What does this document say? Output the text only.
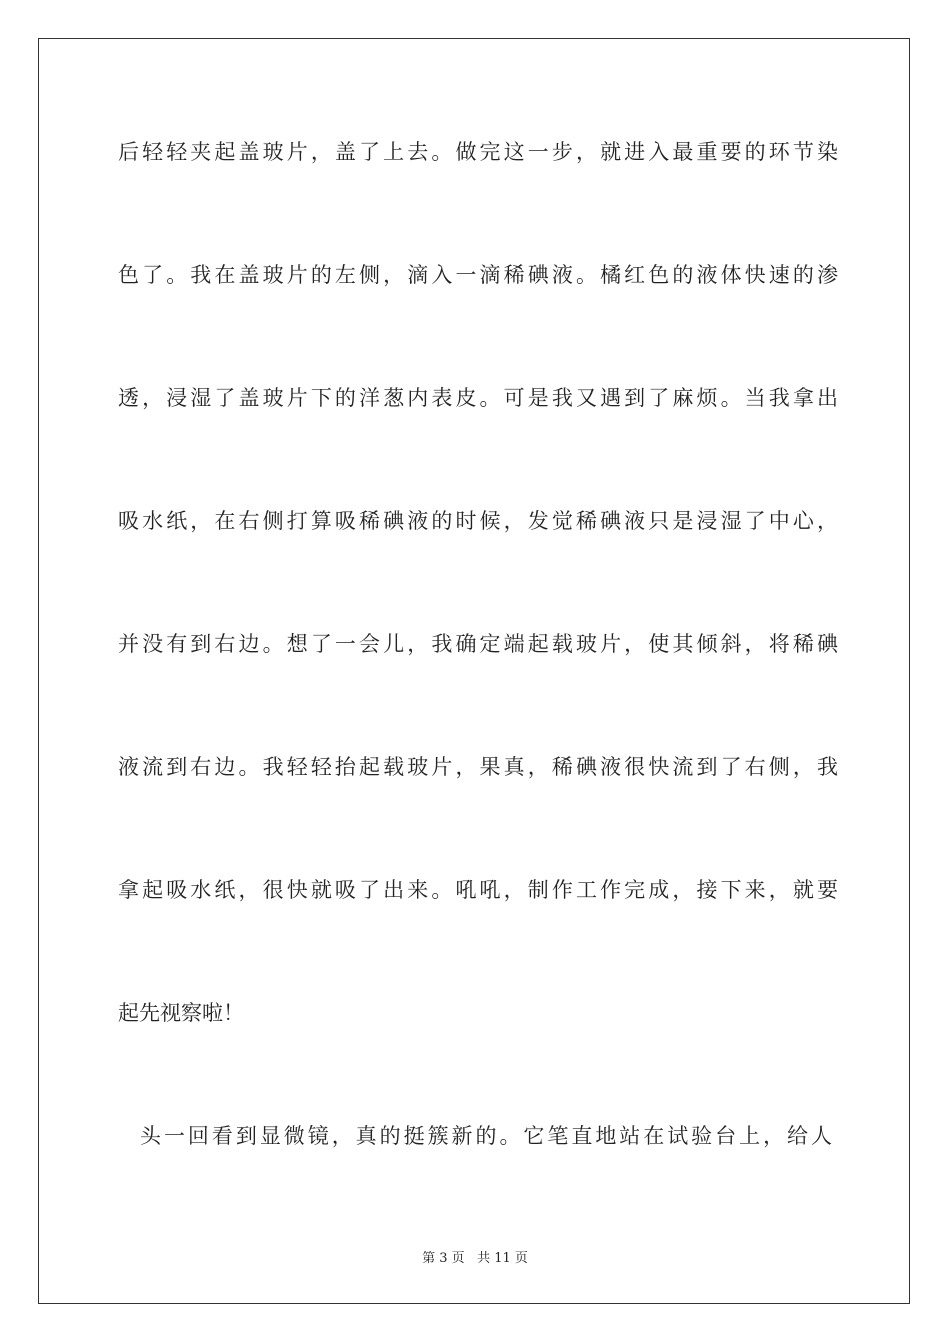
后轻轻夹起盖玻片，盖了上去。做完这一步，就进入最重要的环节染
色了。我在盖玻片的左侧，滴入一滴稀碘液。橘红色的液体快速的渗
透，浸湿了盖玻片下的洋葱内表皮。可是我又遇到了麻烦。当我拿出
吸水纸，在右侧打算吸稀碘液的时候，发觉稀碘液只是浸湿了中心，
并没有到右边。想了一会儿，我确定端起载玻片，使其倾斜，将稀碘
液流到右边。我轻轻抬起载玻片，果真，稀碘液很快流到了右侧，我
拿起吸水纸，很快就吸了出来。吼吼，制作工作完成，接下来，就要
起先视察啦！
头一回看到显微镜，真的挺簇新的。它笔直地站在试验台上，给人
第 3 页 共 11 页
